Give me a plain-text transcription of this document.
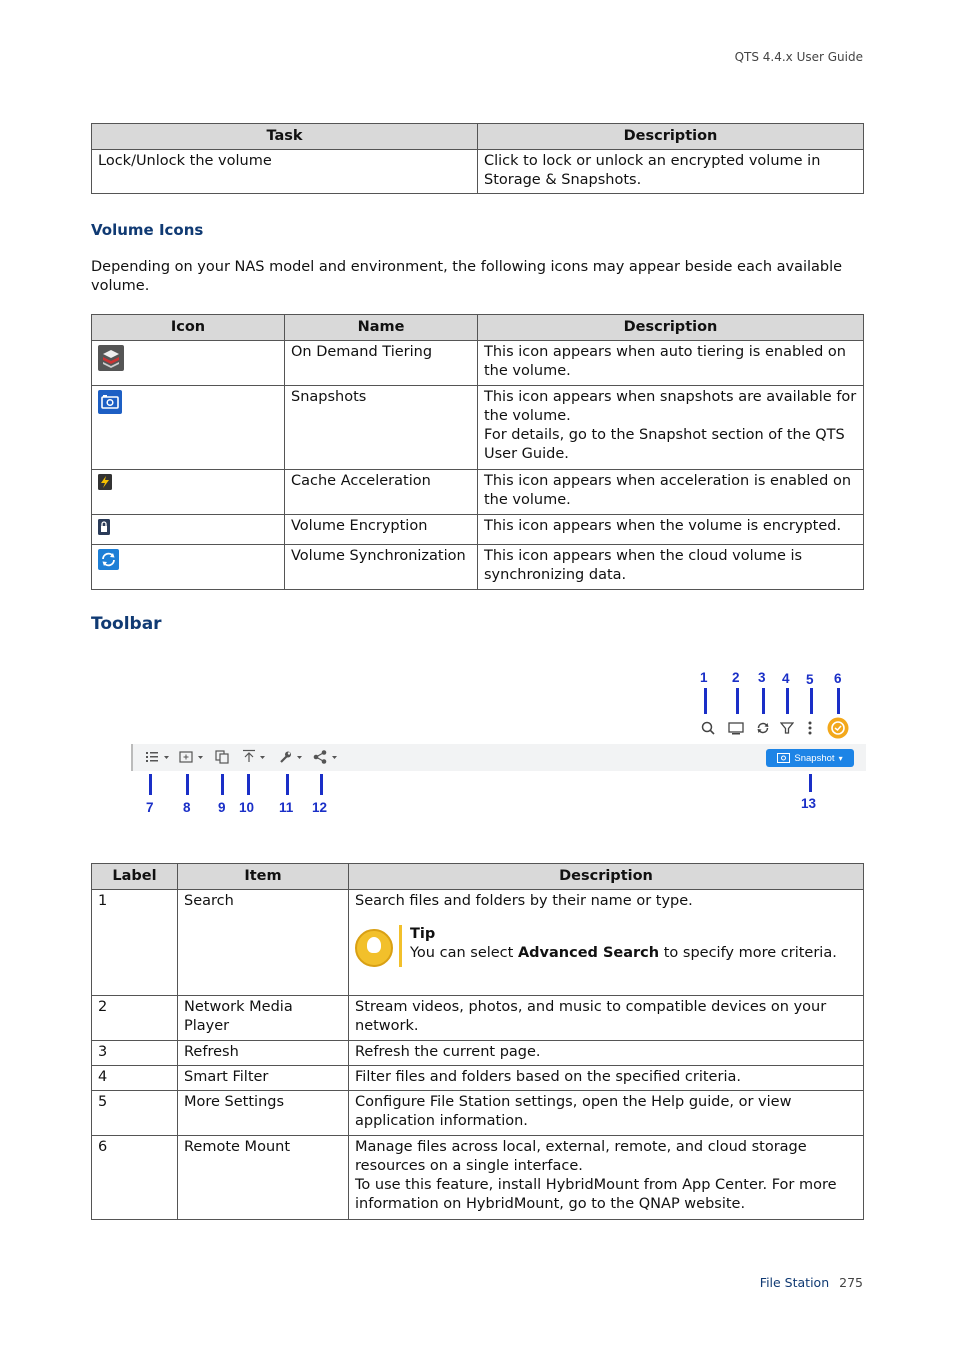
QTS 4.4.x User Guide
Task	Description
Lock/Unlock the volume	Click to lock or unlock an encrypted volume in Storage & Snapshots.
Volume Icons
Depending on your NAS model and environment, the following icons may appear beside each available volume.
Icon	Name	Description
	On Demand Tiering	This icon appears when auto tiering is enabled on the volume.

	Snapshots	This icon appears when snapshots are available for the volume.
For details, go to the Snapshot section of the QTS User Guide.

	Cache Acceleration	This icon appears when acceleration is enabled on the volume.

	Volume Encryption	This icon appears when the volume is encrypted.

	Volume Synchronization	This icon appears when the cloud volume is synchronizing data.
Toolbar
1 2 3 4 5 6
Snapshot ▾
7 8 9 10 11 12	13
Label	Item	Description
1	Search	Search files and folders by their name or type.
Tip
You can select Advanced Search to specify more criteria.

2	Network Media Player	Stream videos, photos, and music to compatible devices on your network.

3	Refresh	Refresh the current page.

4	Smart Filter	Filter files and folders based on the specified criteria.

5	More Settings	Configure File Station settings, open the Help guide, or view application information.

6	Remote Mount	Manage files across local, external, remote, and cloud storage resources on a single interface.
To use this feature, install HybridMount from App Center. For more information on HybridMount, go to the QNAP website.
File Station 275
